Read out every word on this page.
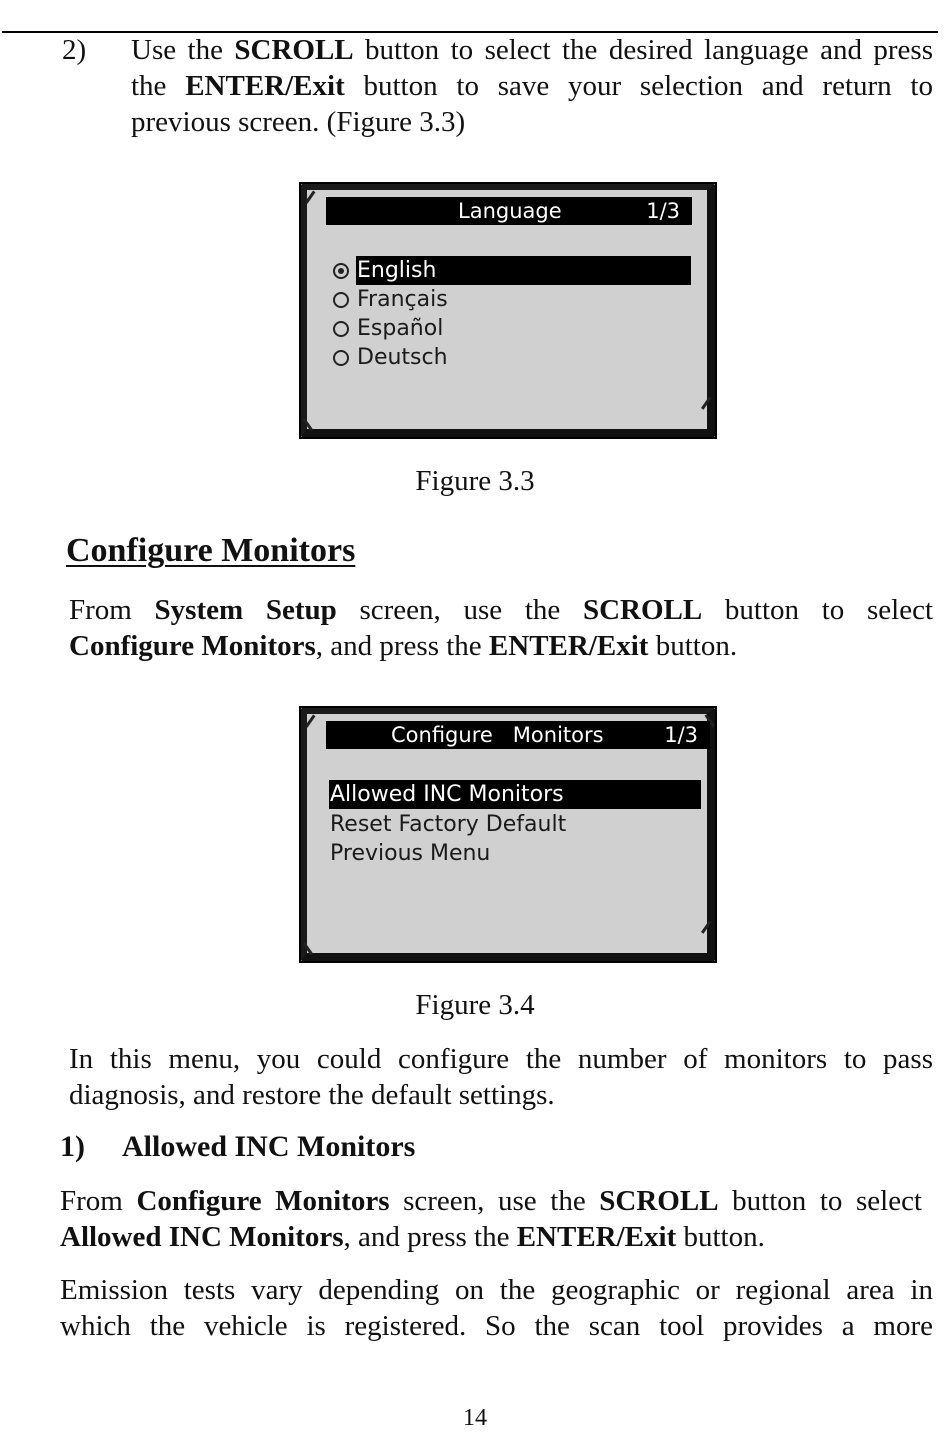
2) Use the SCROLL button to select the desired language and press
the ENTER/Exit button to save your selection and return to
previous screen. (Figure 3.3)
Language	1/3
English
Français
Español
Deutsch
Figure 3.3
Configure Monitors
From System Setup screen, use the SCROLL button to select
Configure Monitors, and press the ENTER/Exit button.
Configure   Monitors	1/3
Allowed INC Monitors
Reset Factory Default
Previous Menu
Figure 3.4
In this menu, you could configure the number of monitors to pass
diagnosis, and restore the default settings.
1) Allowed INC Monitors
From Configure Monitors screen, use the SCROLL button to select
Allowed INC Monitors, and press the ENTER/Exit button.
Emission tests vary depending on the geographic or regional area in
which the vehicle is registered. So the scan tool provides a more
14
